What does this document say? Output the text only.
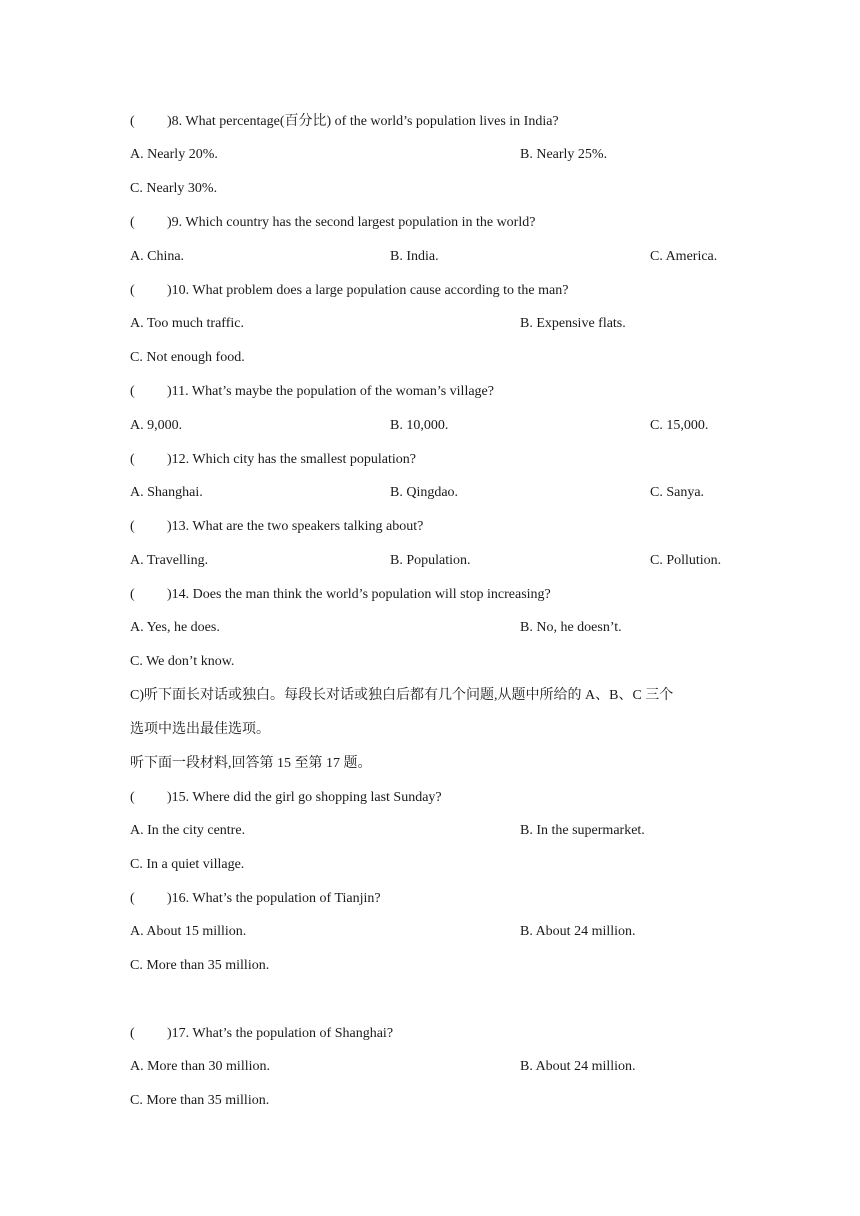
(	)8. What percentage(百分比) of the world’s population lives in India?
A. Nearly 20%.	B. Nearly 25%.
C. Nearly 30%.
(	)9. Which country has the second largest population in the world?
A. China.	B. India.	C. America.
(	)10. What problem does a large population cause according to the man?
A. Too much traffic.	B. Expensive flats.
C. Not enough food.
(	)11. What’s maybe the population of the woman’s village?
A. 9,000.	B. 10,000.	C. 15,000.
(	)12. Which city has the smallest population?
A. Shanghai.	B. Qingdao.	C. Sanya.
(	)13. What are the two speakers talking about?
A. Travelling.	B. Population.	C. Pollution.
(	)14. Does the man think the world’s population will stop increasing?
A. Yes, he does.	B. No, he doesn’t.
C. We don’t know.
C)听下面长对话或独白。每段长对话或独白后都有几个问题,从题中所给的 A、B、C 三个
选项中选出最佳选项。
听下面一段材料,回答第 15 至第 17 题。
(	)15. Where did the girl go shopping last Sunday?
A. In the city centre.	B. In the supermarket.
C. In a quiet village.
(	)16. What’s the population of Tianjin?
A. About 15 million.	B. About 24 million.
C. More than 35 million.
(	)17. What’s the population of Shanghai?
A. More than 30 million.	B. About 24 million.
C. More than 35 million.
